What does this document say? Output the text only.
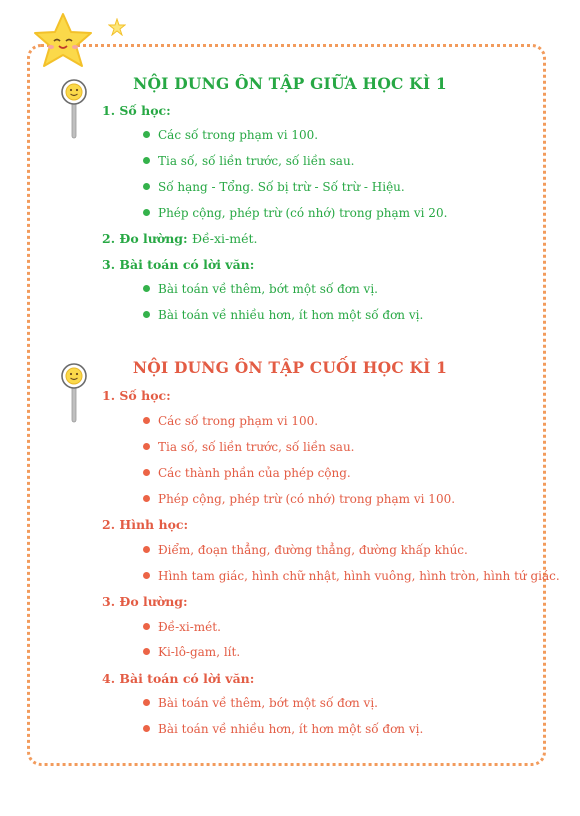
NỘI DUNG ÔN TẬP GIỮA HỌC KÌ 1
1. Số học:
Các số trong phạm vi 100.
Tia số, số liền trước, số liền sau.
Số hạng - Tổng. Số bị trừ - Số trừ - Hiệu.
Phép cộng, phép trừ (có nhớ) trong phạm vi 20.
2. Đo lường: Đề-xi-mét.
3. Bài toán có lời văn:
Bài toán về thêm, bớt một số đơn vị.
Bài toán về nhiều hơn, ít hơn một số đơn vị.
NỘI DUNG ÔN TẬP CUỐI HỌC KÌ 1
1. Số học:
Các số trong phạm vi 100.
Tia số, số liền trước, số liền sau.
Các thành phần của phép cộng.
Phép cộng, phép trừ (có nhớ) trong phạm vi 100.
2. Hình học:
Điểm, đoạn thẳng, đường thẳng, đường khấp khúc.
Hình tam giác, hình chữ nhật, hình vuông, hình tròn, hình tứ giác.
3. Đo lường:
Đề-xi-mét.
Ki-lô-gam, lít.
4. Bài toán có lời văn:
Bài toán về thêm, bớt một số đơn vị.
Bài toán về nhiều hơn, ít hơn một số đơn vị.
